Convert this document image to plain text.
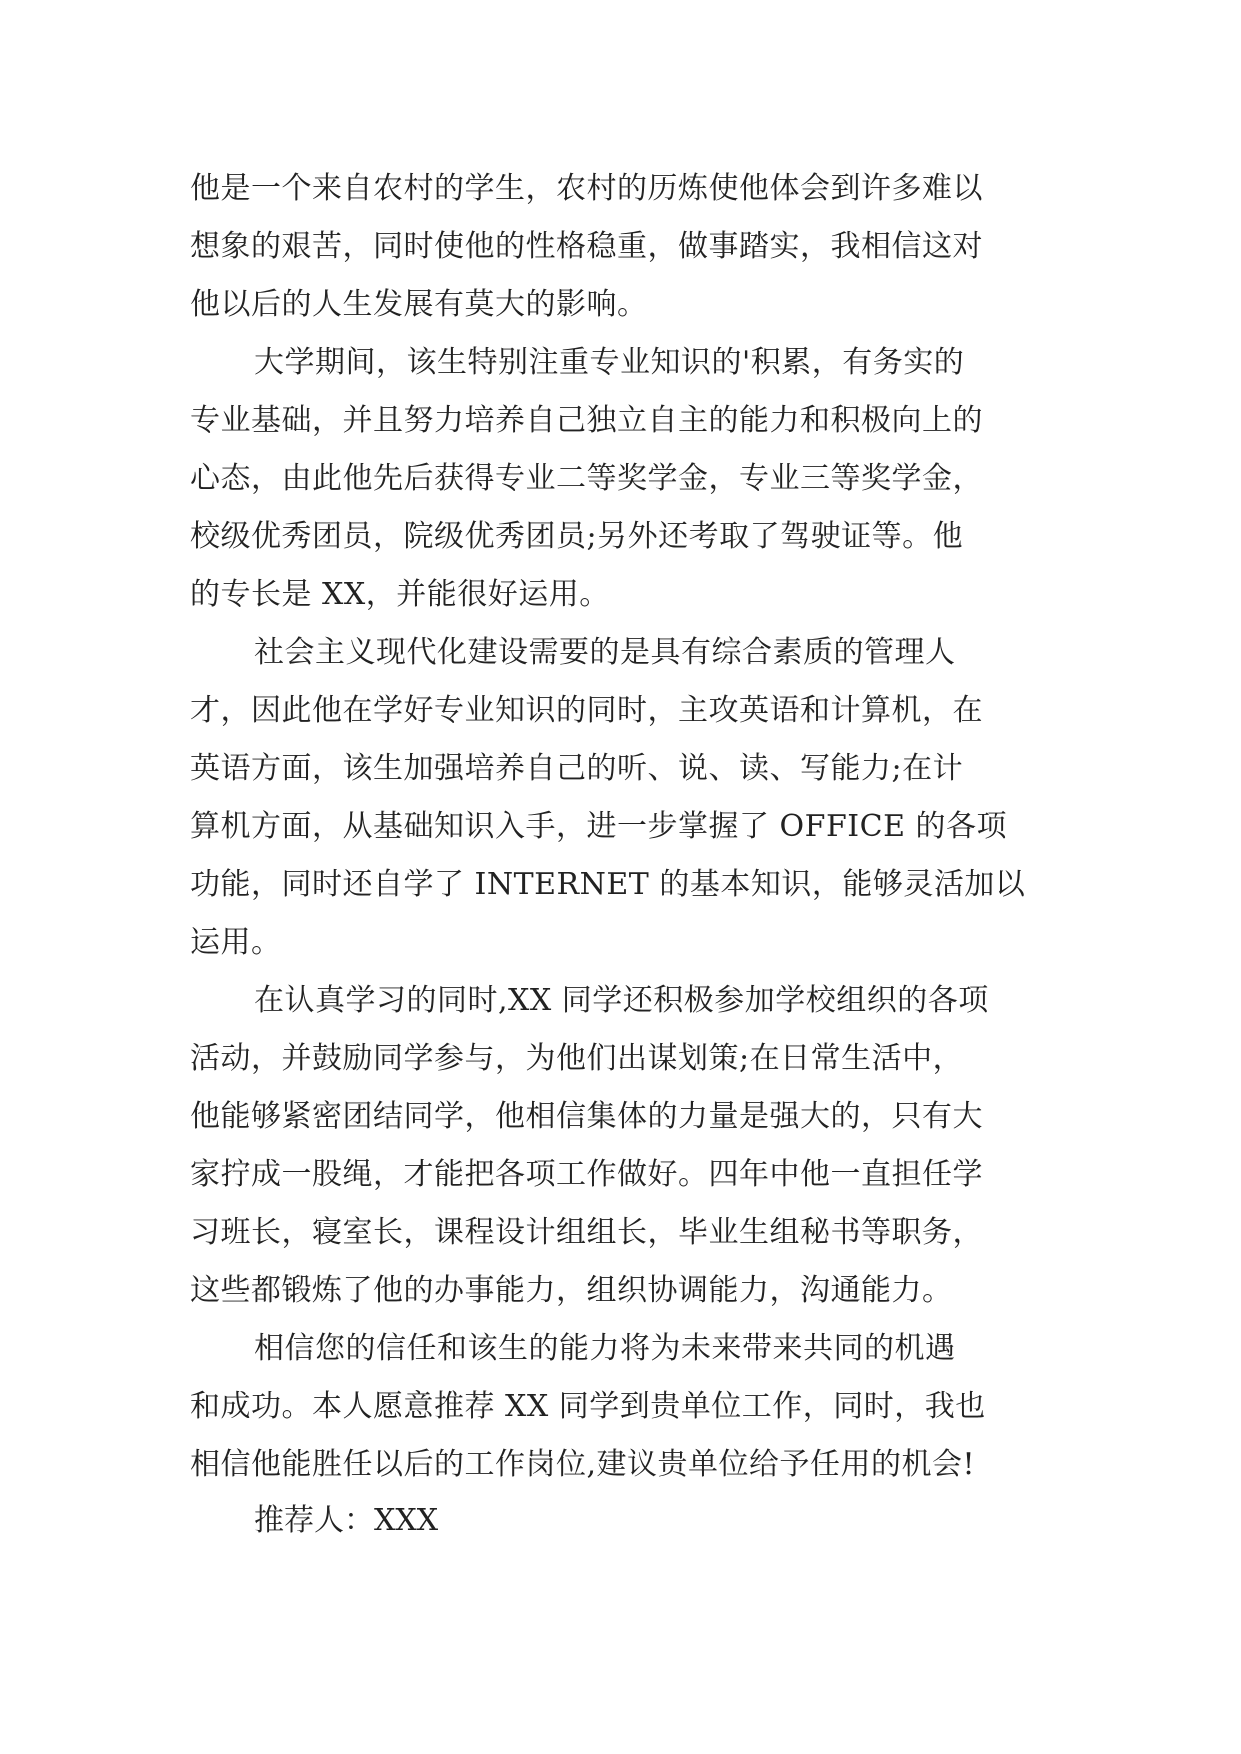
他是一个来自农村的学生，农村的历炼使他体会到许多难以
想象的艰苦，同时使他的性格稳重，做事踏实，我相信这对
他以后的人生发展有莫大的影响。
大学期间，该生特别注重专业知识的'积累，有务实的
专业基础，并且努力培养自己独立自主的能力和积极向上的
心态，由此他先后获得专业二等奖学金，专业三等奖学金，
校级优秀团员，院级优秀团员;另外还考取了驾驶证等。他
的专长是 XX，并能很好运用。
社会主义现代化建设需要的是具有综合素质的管理人
才，因此他在学好专业知识的同时，主攻英语和计算机，在
英语方面，该生加强培养自己的听、说、读、写能力;在计
算机方面，从基础知识入手，进一步掌握了 OFFICE 的各项
功能，同时还自学了 INTERNET 的基本知识，能够灵活加以
运用。
在认真学习的同时,XX 同学还积极参加学校组织的各项
活动，并鼓励同学参与，为他们出谋划策;在日常生活中，
他能够紧密团结同学，他相信集体的力量是强大的，只有大
家拧成一股绳，才能把各项工作做好。四年中他一直担任学
习班长，寝室长，课程设计组组长，毕业生组秘书等职务，
这些都锻炼了他的办事能力，组织协调能力，沟通能力。
相信您的信任和该生的能力将为未来带来共同的机遇
和成功。本人愿意推荐 XX 同学到贵单位工作，同时，我也
相信他能胜任以后的工作岗位,建议贵单位给予任用的机会!
推荐人：XXX
